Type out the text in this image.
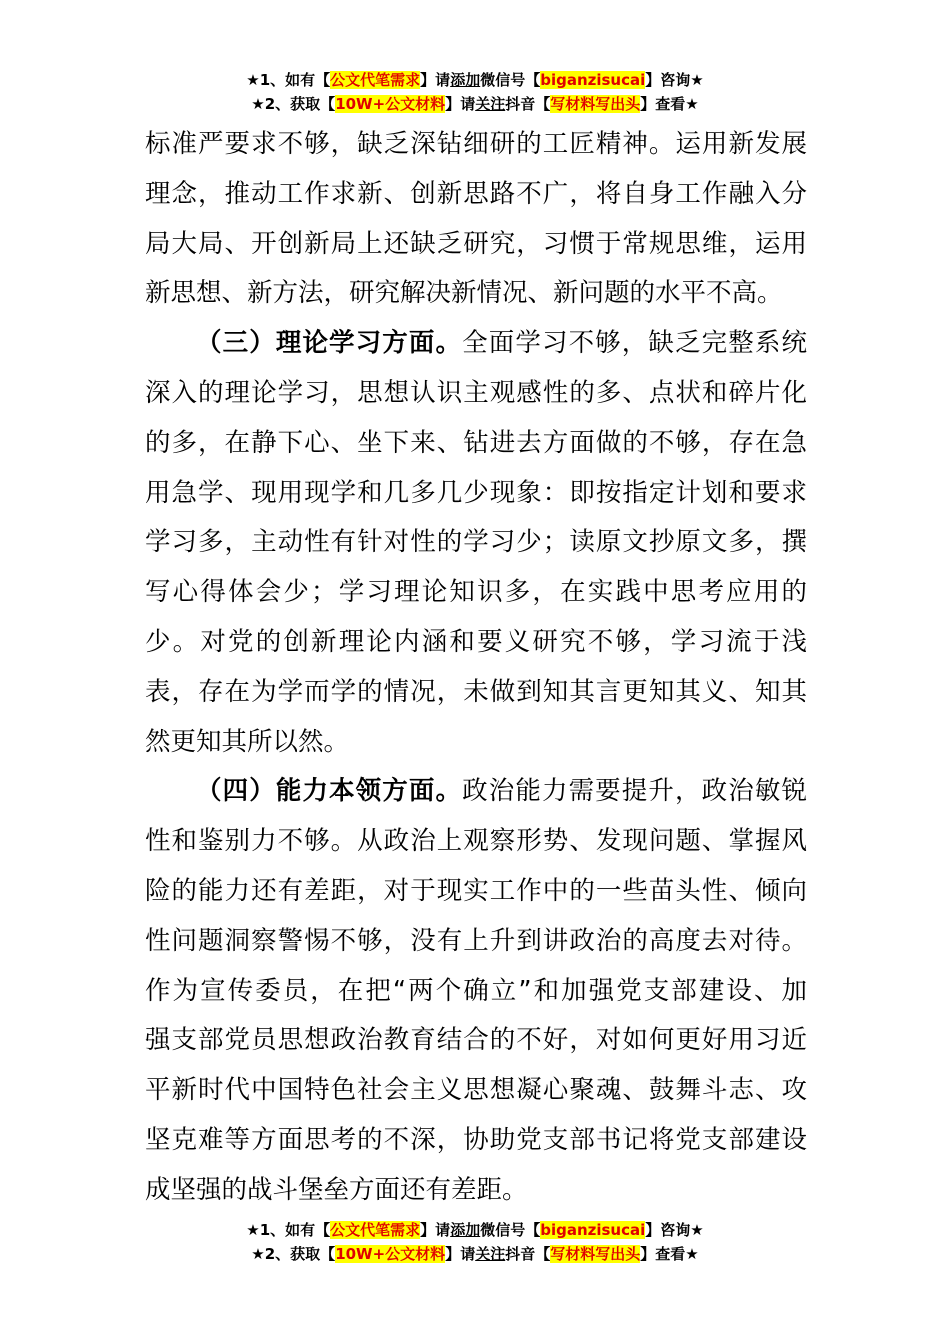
★1、如有【公文代笔需求】请添加微信号【biganzisucai】咨询★
★2、获取【10W+公文材料】请关注抖音【写材料写出头】查看★
标准严要求不够，缺乏深钻细研的工匠精神。运用新发展
理念，推动工作求新、创新思路不广，将自身工作融入分
局大局、开创新局上还缺乏研究，习惯于常规思维，运用
新思想、新方法，研究解决新情况、新问题的水平不高。
（三）理论学习方面。全面学习不够，缺乏完整系统
深入的理论学习，思想认识主观感性的多、点状和碎片化
的多，在静下心、坐下来、钻进去方面做的不够，存在急
用急学、现用现学和几多几少现象：即按指定计划和要求
学习多，主动性有针对性的学习少；读原文抄原文多，撰
写心得体会少；学习理论知识多，在实践中思考应用的
少。对党的创新理论内涵和要义研究不够，学习流于浅
表，存在为学而学的情况，未做到知其言更知其义、知其
然更知其所以然。
（四）能力本领方面。政治能力需要提升，政治敏锐
性和鉴别力不够。从政治上观察形势、发现问题、掌握风
险的能力还有差距，对于现实工作中的一些苗头性、倾向
性问题洞察警惕不够，没有上升到讲政治的高度去对待。
作为宣传委员，在把“两个确立”和加强党支部建设、加
强支部党员思想政治教育结合的不好，对如何更好用习近
平新时代中国特色社会主义思想凝心聚魂、鼓舞斗志、攻
坚克难等方面思考的不深，协助党支部书记将党支部建设
成坚强的战斗堡垒方面还有差距。
★1、如有【公文代笔需求】请添加微信号【biganzisucai】咨询★
★2、获取【10W+公文材料】请关注抖音【写材料写出头】查看★
